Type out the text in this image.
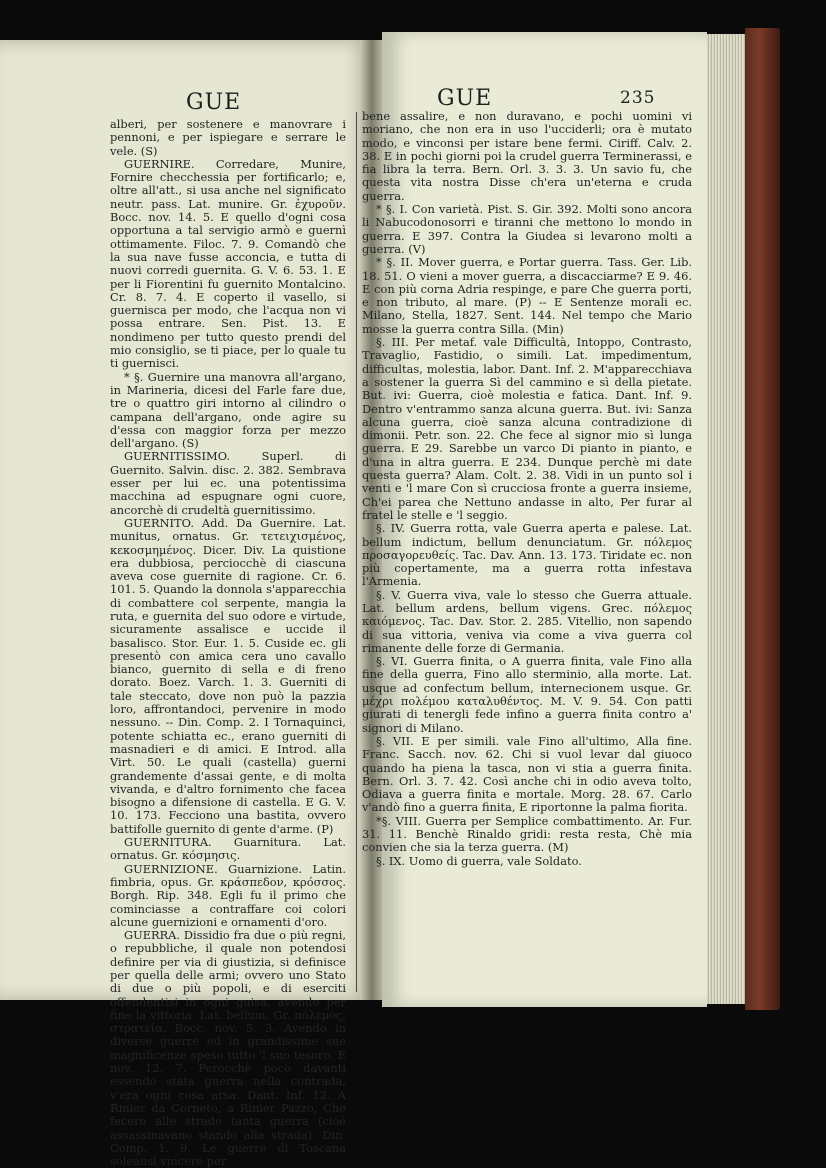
GUE	GUE	235

alberi, per sostenere e manovrare i pennoni, e per ispiegare e serrare le vele. (S)

GUERNIRE. Corredare, Munire, Fornire checchessia per fortificarlo; e, oltre all'att., si usa anche nel significato neutr. pass. Lat. munire. Gr. ἐχυροῦν. Bocc. nov. 14. 5. E quello d'ogni cosa opportuna a tal servigio armò e guernì ottimamente. Filoc. 7. 9. Comandò che la sua nave fusse acconcia, e tutta di nuovi corredi guernita. G. V. 6. 53. 1. E per li Fiorentini fu guernito Montalcino. Cr. 8. 7. 4. E coperto il vasello, si guernisca per modo, che l'acqua non vi possa entrare. Sen. Pist. 13. E nondimeno per tutto questo prendi del mio consiglio, se ti piace, per lo quale tu ti guernisci.

* §. Guernire una manovra all'argano, in Marineria, dicesi del Farle fare due, tre o quattro giri intorno al cilindro o campana dell'argano, onde agire su d'essa con maggior forza per mezzo dell'argano. (S)

GUERNITISSIMO. Superl. di Guernito. Salvin. disc. 2. 382. Sembrava esser per lui ec. una potentissima macchina ad espugnare ogni cuore, ancorchè di crudeltà guernitissimo.

GUERNITO. Add. Da Guernire. Lat. munitus, ornatus. Gr. τετειχισμένος, κεκοσμημένος. Dicer. Div. La quistione era dubbiosa, perciocchè di ciascuna aveva cose guernite di ragione. Cr. 6. 101. 5. Quando la donnola s'apparecchia di combattere col serpente, mangia la ruta, e guernita del suo odore e virtude, sicuramente assalisce e uccide il basalisco. Stor. Eur. 1. 5. Cuside ec. gli presentò con amica cera uno cavallo bianco, guernito di sella e di freno dorato. Boez. Varch. 1. 3. Guerniti di tale steccato, dove non può la pazzia loro, affrontandoci, pervenire in modo nessuno. -- Din. Comp. 2. I Tornaquinci, potente schiatta ec., erano guerniti di masnadieri e di amici. E Introd. alla Virt. 50. Le quali (castella) guerni grandemente d'assai gente, e di molta vivanda, e d'altro fornimento che facea bisogno a difensione di castella. E G. V. 10. 173. Fecciono una bastita, ovvero battifolle guernito di gente d'arme. (P)

GUERNITURA. Guarnitura. Lat. ornatus. Gr. κόσμησις.

GUERNIZIONE. Guarnizione. Latin. fimbria, opus. Gr. κράσπεδον, κρόσσος. Borgh. Rip. 348. Egli fu il primo che cominciasse a contraffare coi colori alcune guernizioni e ornamenti d'oro.

GUERRA. Dissidio fra due o più regni, o repubbliche, il quale non potendosi definire per via di giustizia, si definisce per quella delle armi; ovvero uno Stato di due o più popoli, e di eserciti offendentisi in ogni guisa, avendo per fine la vittoria. Lat. bellum. Gr. πόλεμος, στρατεία. Bocc. nov. 5. 3. Avendo in diverse guerre ed in grandissime sue magnificenze speso tutto 'l suo tesoro. E nov. 12. 7. Perocchè poco davanti essendo stata guerra nella contrada, v'era ogni cosa arsa. Dant. Inf. 12. A Rinier da Corneto, a Rinier Pazzo, Che fecero alle strade tanta guerra (cioè assassinavano stando alla strada). Din. Comp. 1. 9. Le guerre di Toscana soleansi vincere per

bene assalire, e non duravano, e pochi uomini vi moriano, che non era in uso l'ucciderli; ora è mutato modo, e vinconsi per istare bene fermi. Ciriff. Calv. 2. 38. E in pochi giorni poi la crudel guerra Terminerassi, e fia libra la terra. Bern. Orl. 3. 3. 3. Un savio fu, che questa vita nostra Disse ch'era un'eterna e cruda guerra.

* §. I. Con varietà. Pist. S. Gir. 392. Molti sono ancora li Nabucodonosorri e tiranni che mettono lo mondo in guerra. E 397. Contra la Giudea si levarono molti a guerra. (V)

* §. II. Mover guerra, e Portar guerra. Tass. Ger. Lib. 18. 51. O vieni a mover guerra, a discacciarme? E 9. 46. E con più corna Adria respinge, e pare Che guerra porti, e non tributo, al mare. (P) -- E Sentenze morali ec. Milano, Stella, 1827. Sent. 144. Nel tempo che Mario mosse la guerra contra Silla. (Min)

§. III. Per metaf. vale Difficultà, Intoppo, Contrasto, Travaglio, Fastidio, o simili. Lat. impedimentum, difficultas, molestia, labor. Dant. Inf. 2. M'apparecchiava a sostener la guerra Sì del cammino e sì della pietate. But. ivi: Guerra, cioè molestia e fatica. Dant. Inf. 9. Dentro v'entrammo sanza alcuna guerra. But. ivi: Sanza alcuna guerra, cioè sanza alcuna contradizione di dimonii. Petr. son. 22. Che fece al signor mio sì lunga guerra. E 29. Sarebbe un varco Di pianto in pianto, e d'una in altra guerra. E 234. Dunque perchè mi date questa guerra? Alam. Colt. 2. 38. Vidi in un punto sol i venti e 'l mare Con sì crucciosa fronte a guerra insieme, Ch'ei parea che Nettuno andasse in alto, Per furar al fratel le stelle e 'l seggio.

§. IV. Guerra rotta, vale Guerra aperta e palese. Lat. bellum indictum, bellum denunciatum. Gr. πόλεμος προσαγορευθείς. Tac. Dav. Ann. 13. 173. Tiridate ec. non più copertamente, ma a guerra rotta infestava l'Armenia.

§. V. Guerra viva, vale lo stesso che Guerra attuale. Lat. bellum ardens, bellum vigens. Grec. πόλεμος καιόμενος. Tac. Dav. Stor. 2. 285. Vitellio, non sapendo di sua vittoria, veniva via come a viva guerra col rimanente delle forze di Germania.

§. VI. Guerra finita, o A guerra finita, vale Fino alla fine della guerra, Fino allo sterminio, alla morte. Lat. usque ad confectum bellum, internecionem usque. Gr. μέχρι πολέμου καταλυθέντος. M. V. 9. 54. Con patti giurati di tenergli fede infino a guerra finita contro a' signori di Milano.

§. VII. E per simili. vale Fino all'ultimo, Alla fine. Franc. Sacch. nov. 62. Chi si vuol levar dal giuoco quando ha piena la tasca, non vi stia a guerra finita. Bern. Orl. 3. 7. 42. Così anche chi in odio aveva tolto, Odiava a guerra finita e mortale. Morg. 28. 67. Carlo v'andò fino a guerra finita, E riportonne la palma fiorita.

*§. VIII. Guerra per Semplice combattimento. Ar. Fur. 31. 11. Benchè Rinaldo gridi: resta resta, Chè mia convien che sia la terza guerra. (M)

§. IX. Uomo di guerra, vale Soldato.
